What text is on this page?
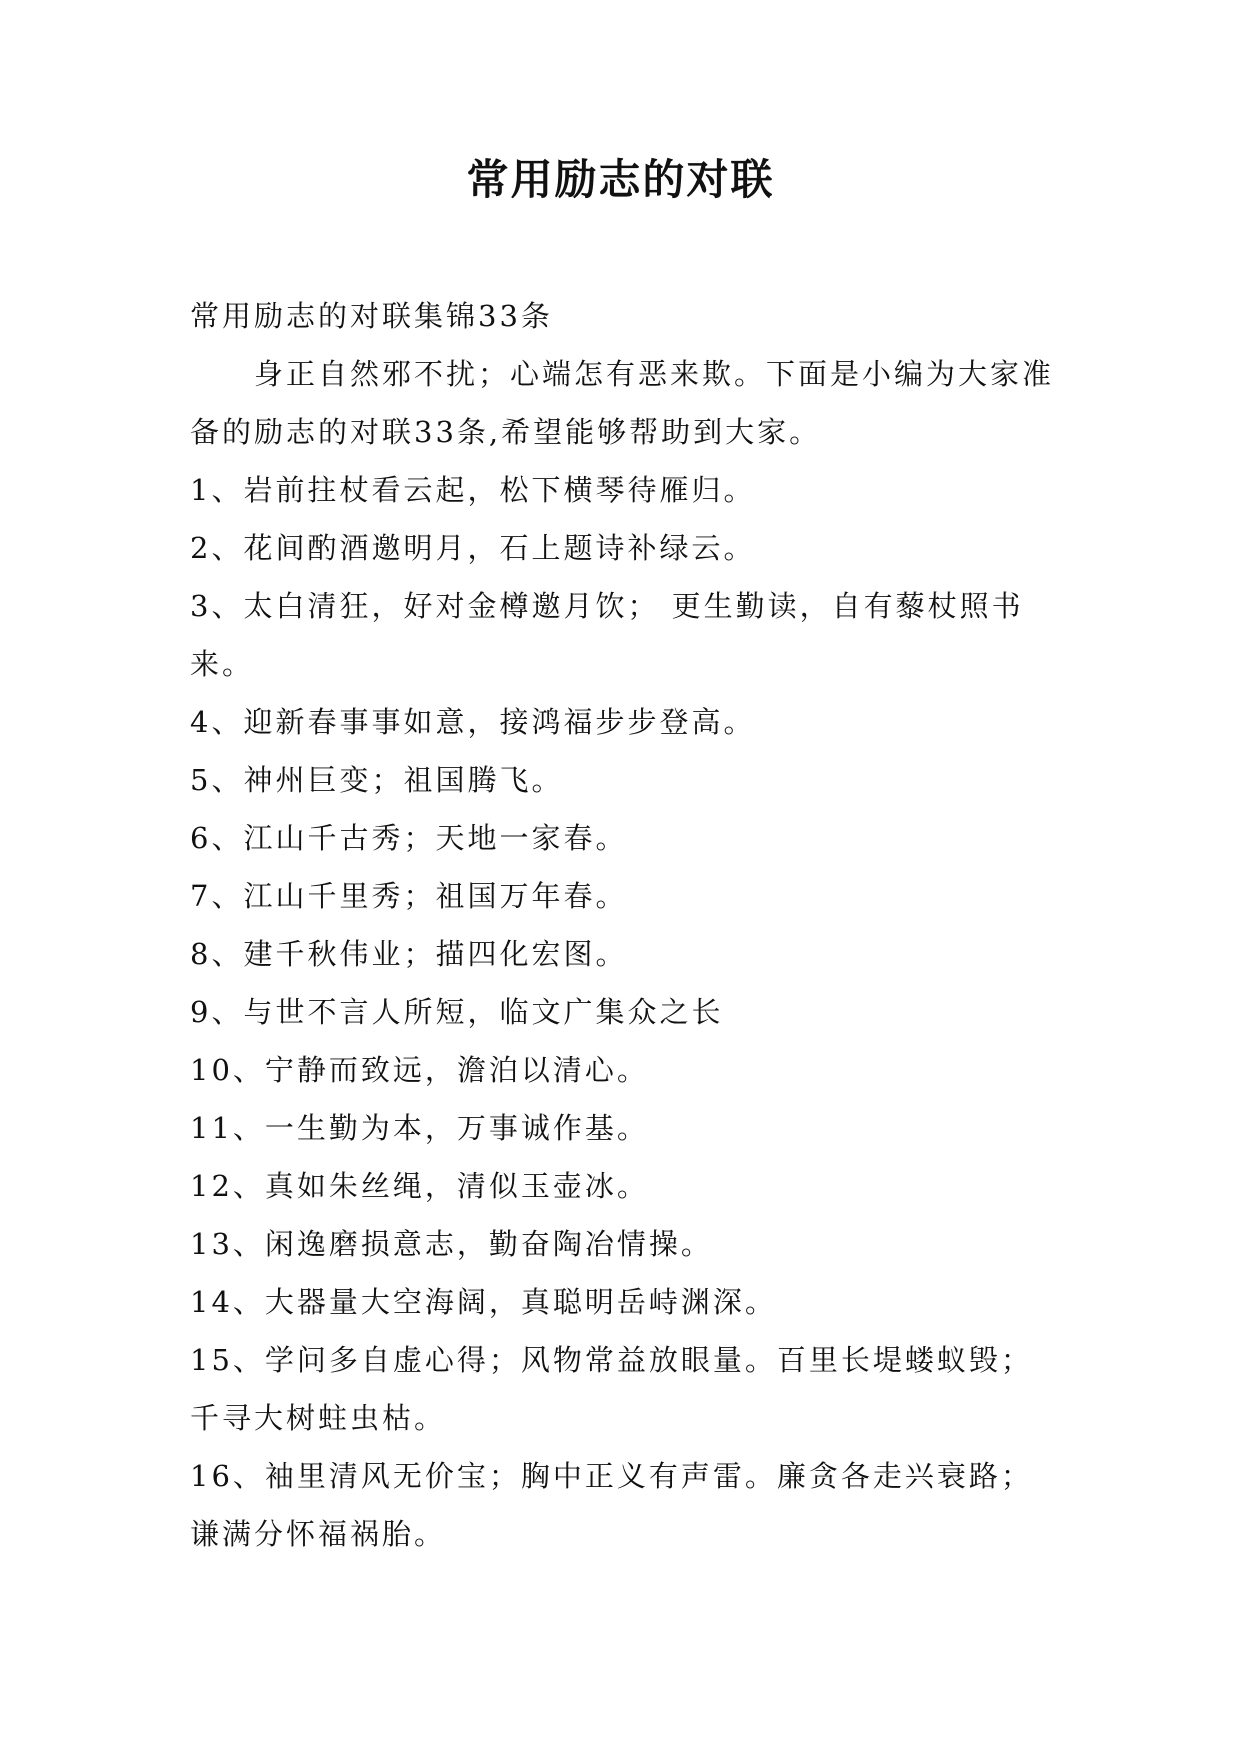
常用励志的对联

常用励志的对联集锦33条

身正自然邪不扰；心端怎有恶来欺。下面是小编为大家准备的励志的对联33条,希望能够帮助到大家。

1、岩前拄杖看云起，松下横琴待雁归。

2、花间酌酒邀明月，石上题诗补绿云。

3、太白清狂，好对金樽邀月饮； 更生勤读，自有藜杖照书来。

4、迎新春事事如意，接鸿福步步登高。

5、神州巨变；祖国腾飞。

6、江山千古秀；天地一家春。

7、江山千里秀；祖国万年春。

8、建千秋伟业；描四化宏图。

9、与世不言人所短，临文广集众之长

10、宁静而致远，澹泊以清心。

11、一生勤为本，万事诚作基。

12、真如朱丝绳，清似玉壶冰。

13、闲逸磨损意志，勤奋陶冶情操。

14、大器量大空海阔，真聪明岳峙渊深。

15、学问多自虚心得；风物常益放眼量。百里长堤蝼蚁毁；千寻大树蛀虫枯。

16、袖里清风无价宝；胸中正义有声雷。廉贪各走兴衰路；谦满分怀福祸胎。
